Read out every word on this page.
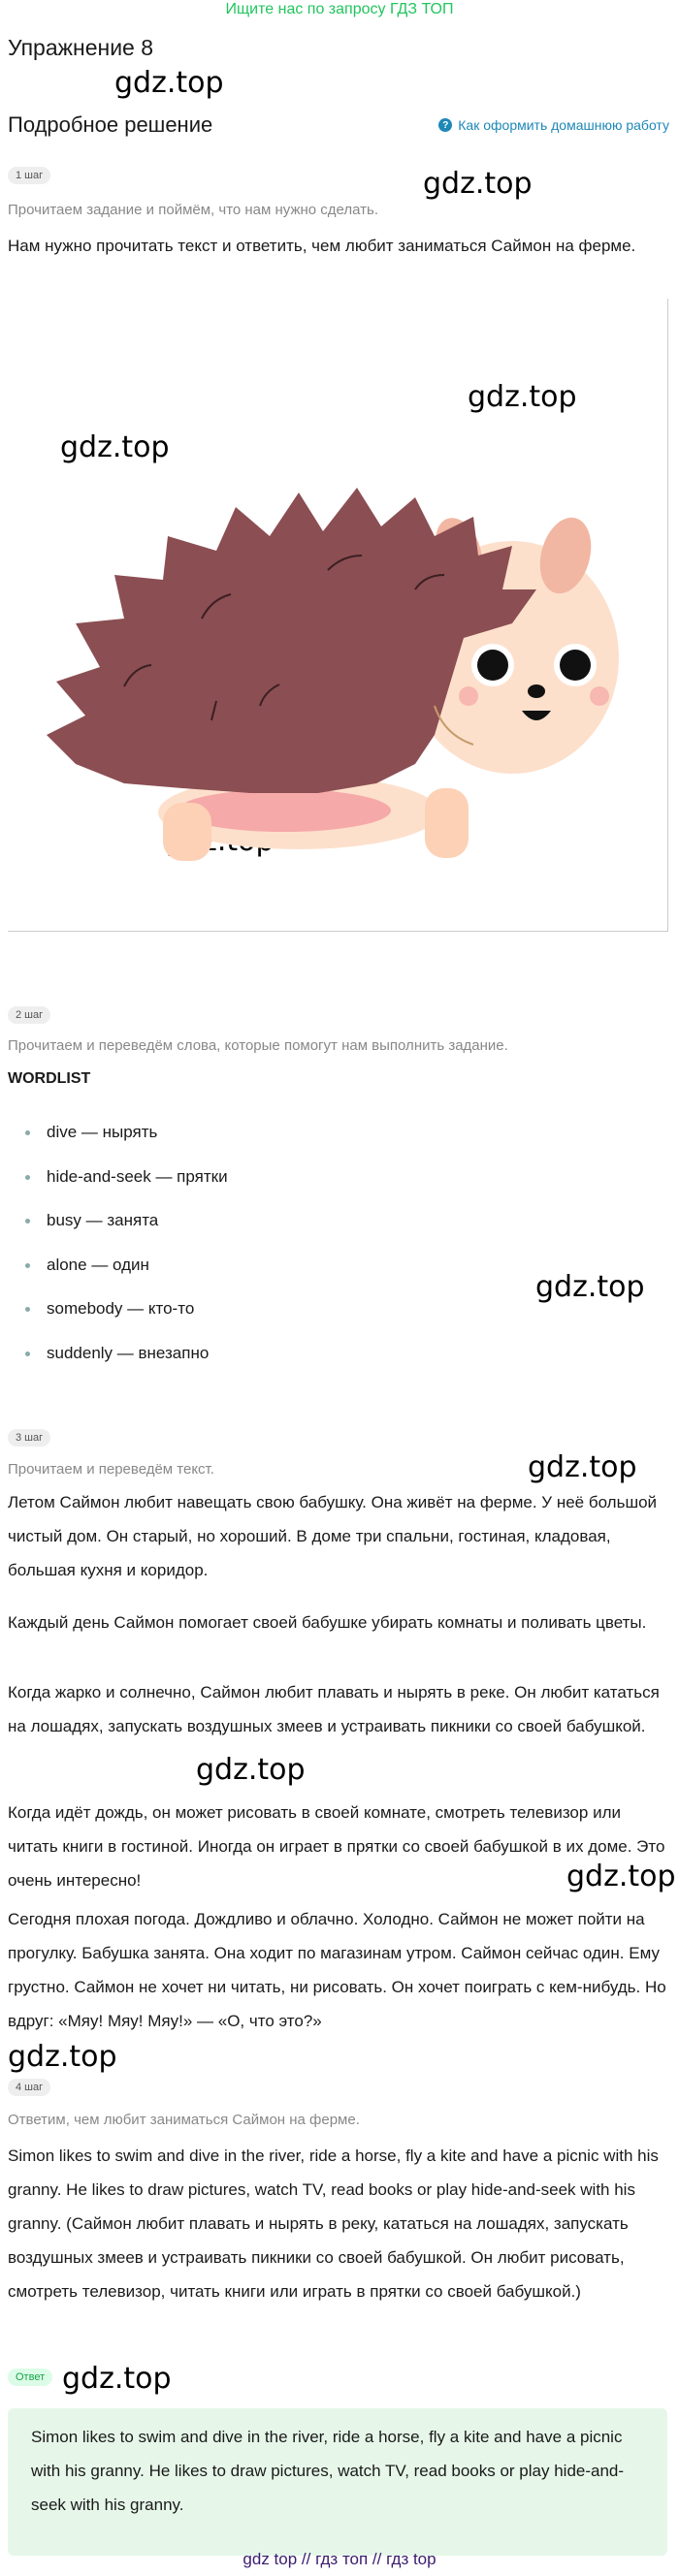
Ищите нас по запросу ГДЗ ТОП
Упражнение 8
Подробное решение	? Как оформить домашнюю работу
gdz.top
gdz.top
gdz.top
gdz.top
gdz.top
gdz.top
gdz.top
gdz.top
gdz.top
gdz.top
1 шаг
Прочитаем задание и поймём, что нам нужно сделать.

Нам нужно прочитать текст и ответить, чем любит заниматься Саймон на ферме.

2 шаг
Прочитаем и переведём слова, которые помогут нам выполнить задание.
WORDLIST
dive — нырять
hide-and-seek — прятки
busy — занята
alone — один
somebody — кто-то
suddenly — внезапно
3 шаг
Прочитаем и переведём текст.

Летом Саймон любит навещать свою бабушку. Она живёт на ферме. У неё большой чистый дом. Он старый, но хороший. В доме три спальни, гостиная, кладовая, большая кухня и коридор.

Каждый день Саймон помогает своей бабушке убирать комнаты и поливать цветы.

Когда жарко и солнечно, Саймон любит плавать и нырять в реке. Он любит кататься на лошадях, запускать воздушных змеев и устраивать пикники со своей бабушкой.

Когда идёт дождь, он может рисовать в своей комнате, смотреть телевизор или читать книги в гостиной. Иногда он играет в прятки со своей бабушкой в их доме. Это очень интересно!

Сегодня плохая погода. Дождливо и облачно. Холодно. Саймон не может пойти на прогулку. Бабушка занята. Она ходит по магазинам утром. Саймон сейчас один. Ему грустно. Саймон не хочет ни читать, ни рисовать. Он хочет поиграть с кем-нибудь. Но вдруг: «Мяу! Мяу! Мяу!» — «О, что это?»

4 шаг
Ответим, чем любит заниматься Саймон на ферме.

Simon likes to swim and dive in the river, ride a horse, fly a kite and have a picnic with his granny. He likes to draw pictures, watch TV, read books or play hide-and-seek with his granny. (Саймон любит плавать и нырять в реку, кататься на лошадях, запускать воздушных змеев и устраивать пикники со своей бабушкой. Он любит рисовать, смотреть телевизор, читать книги или играть в прятки со своей бабушкой.)

Ответ

Simon likes to swim and dive in the river, ride a horse, fly a kite and have a picnic with his granny. He likes to draw pictures, watch TV, read books or play hide-and-seek with his granny.

gdz top // гдз топ // гдз top
